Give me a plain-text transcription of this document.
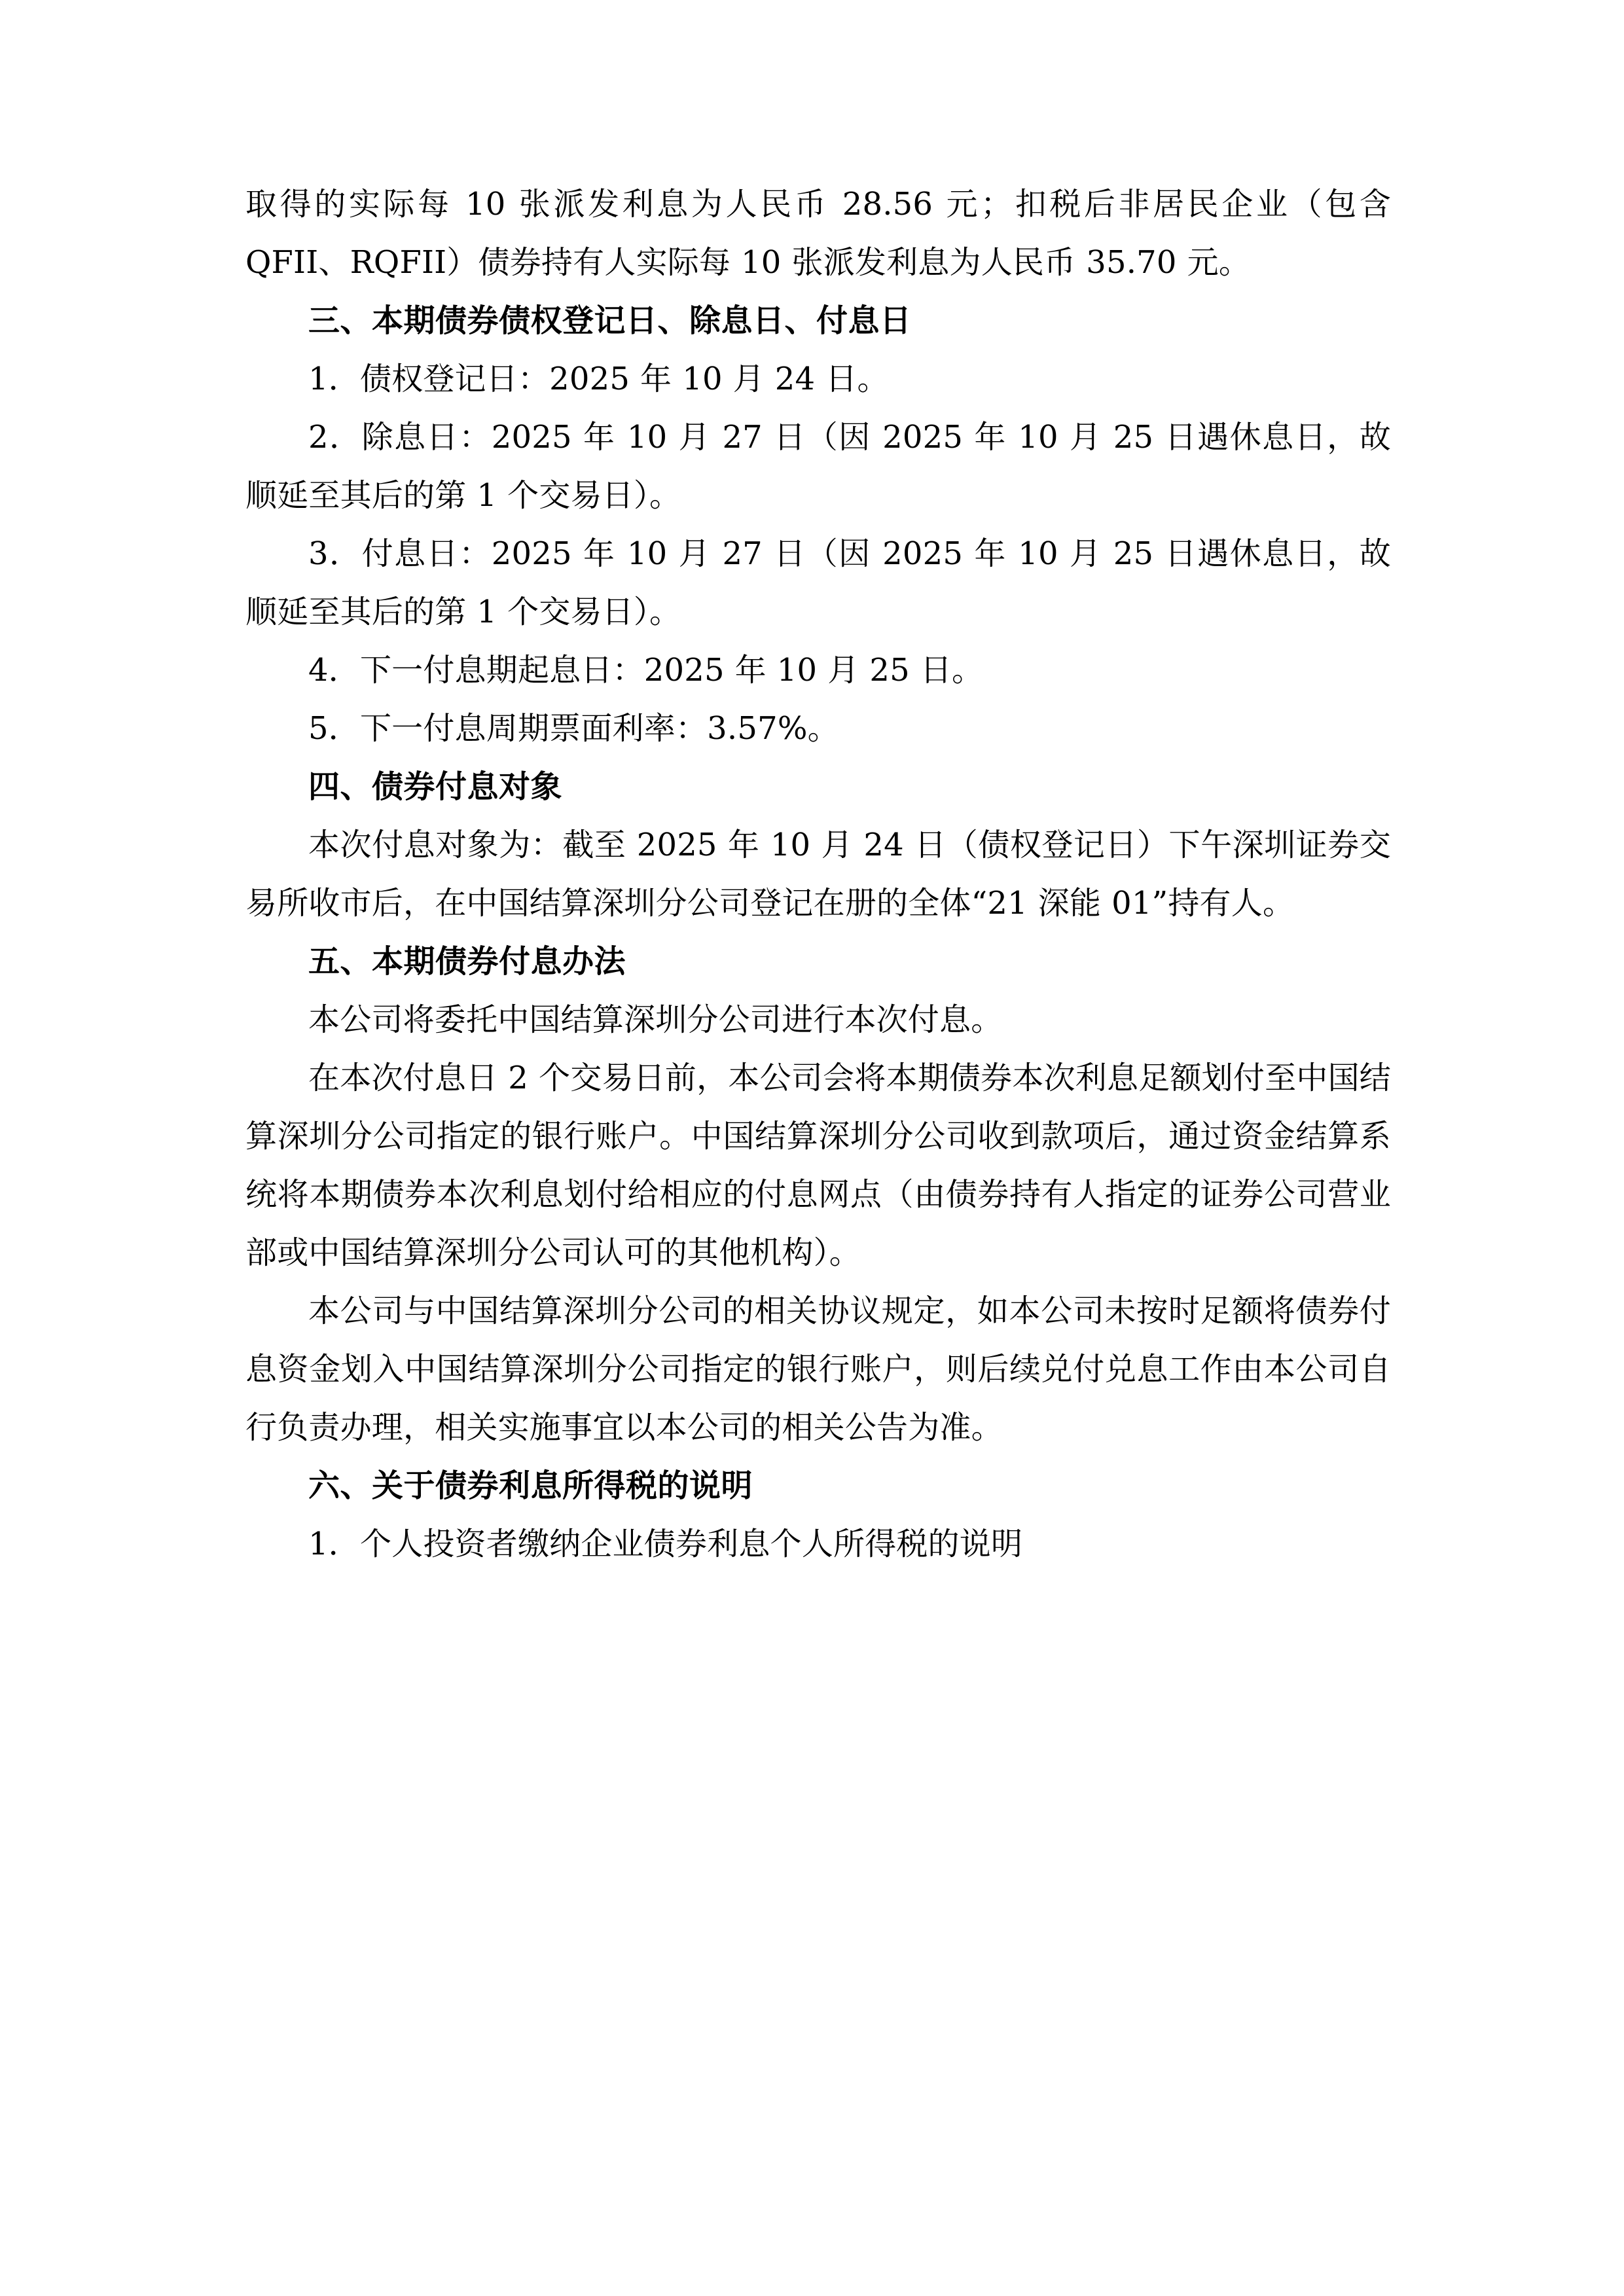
取得的实际每 10 张派发利息为人民币 28.56 元；扣税后非居民企业（包含 QFII、RQFII）债券持有人实际每 10 张派发利息为人民币 35.70 元。

三、本期债券债权登记日、除息日、付息日

1．债权登记日：2025 年 10 月 24 日。

2．除息日：2025 年 10 月 27 日（因 2025 年 10 月 25 日遇休息日，故顺延至其后的第 1 个交易日）。

3．付息日：2025 年 10 月 27 日（因 2025 年 10 月 25 日遇休息日，故顺延至其后的第 1 个交易日）。

4．下一付息期起息日：2025 年 10 月 25 日。

5．下一付息周期票面利率：3.57%。

四、债券付息对象

本次付息对象为：截至 2025 年 10 月 24 日（债权登记日）下午深圳证券交易所收市后，在中国结算深圳分公司登记在册的全体“21 深能 01”持有人。

五、本期债券付息办法

本公司将委托中国结算深圳分公司进行本次付息。

在本次付息日 2 个交易日前，本公司会将本期债券本次利息足额划付至中国结算深圳分公司指定的银行账户。中国结算深圳分公司收到款项后，通过资金结算系统将本期债券本次利息划付给相应的付息网点（由债券持有人指定的证券公司营业部或中国结算深圳分公司认可的其他机构）。

本公司与中国结算深圳分公司的相关协议规定，如本公司未按时足额将债券付息资金划入中国结算深圳分公司指定的银行账户，则后续兑付兑息工作由本公司自行负责办理，相关实施事宜以本公司的相关公告为准。

六、关于债券利息所得税的说明

1．个人投资者缴纳企业债券利息个人所得税的说明
